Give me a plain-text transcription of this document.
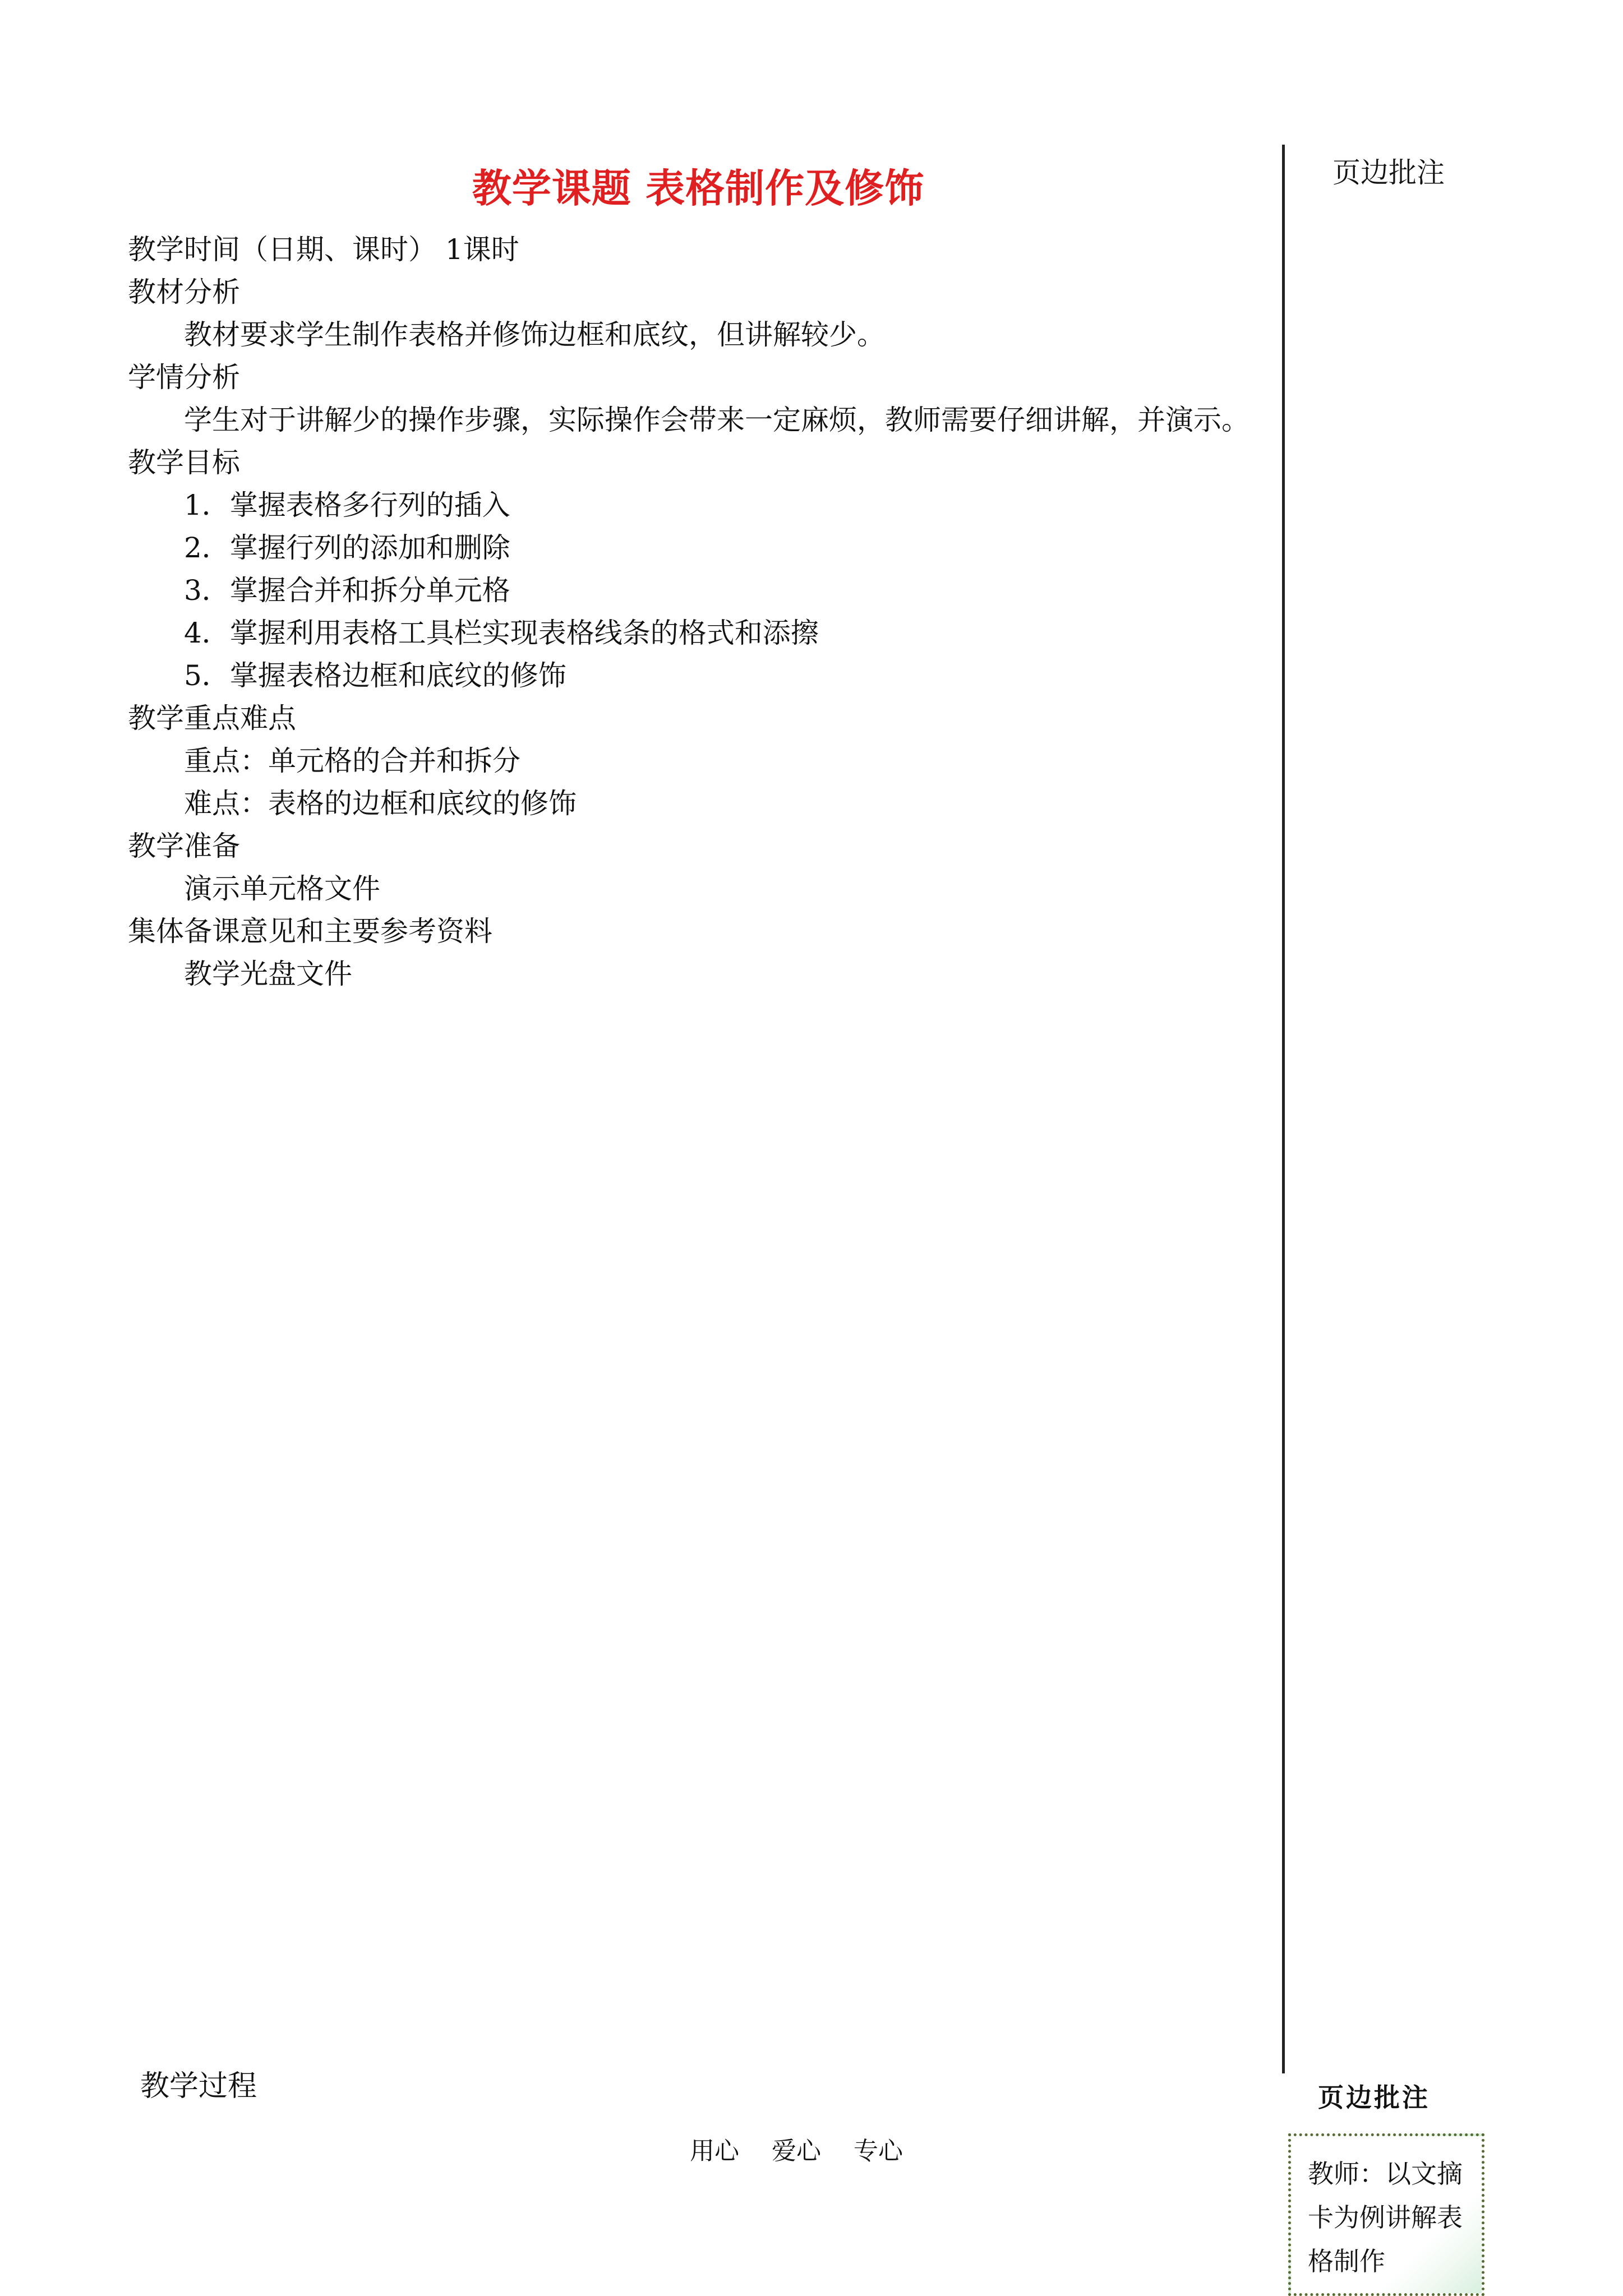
教学课题 表格制作及修饰
教学时间（日期、课时） 1课时
教材分析
教材要求学生制作表格并修饰边框和底纹，但讲解较少。
学情分析
学生对于讲解少的操作步骤，实际操作会带来一定麻烦，教师需要仔细讲解，并演示。
教学目标
1．掌握表格多行列的插入
2．掌握行列的添加和删除
3．掌握合并和拆分单元格
4．掌握利用表格工具栏实现表格线条的格式和添擦
5．掌握表格边框和底纹的修饰
教学重点难点
重点：单元格的合并和拆分
难点：表格的边框和底纹的修饰
教学准备
演示单元格文件
集体备课意见和主要参考资料
教学光盘文件
教学过程
用心　 爱心　 专心
页边批注
页边批注
教师：以文摘卡为例讲解表格制作
